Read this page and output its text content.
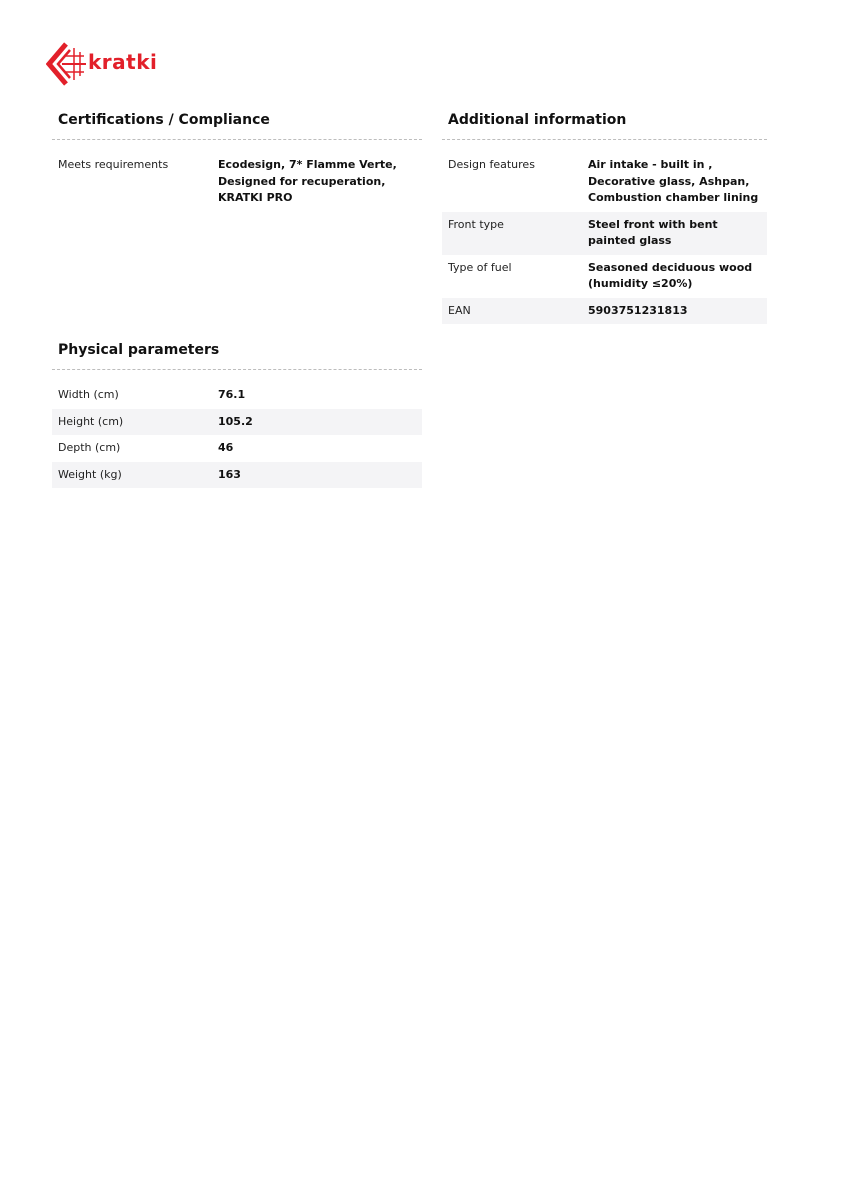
kratki
Certifications / Compliance
Meets requirements	Ecodesign, 7* Flamme Verte, Designed for recuperation, KRATKI PRO
Additional information
Design features	Air intake - built in , Decorative glass, Ashpan, Combustion chamber lining
Front type	Steel front with bent painted glass
Type of fuel	Seasoned deciduous wood (humidity ≤20%)
EAN	5903751231813
Physical parameters
Width (cm)	76.1
Height (cm)	105.2
Depth (cm)	46
Weight (kg)	163
